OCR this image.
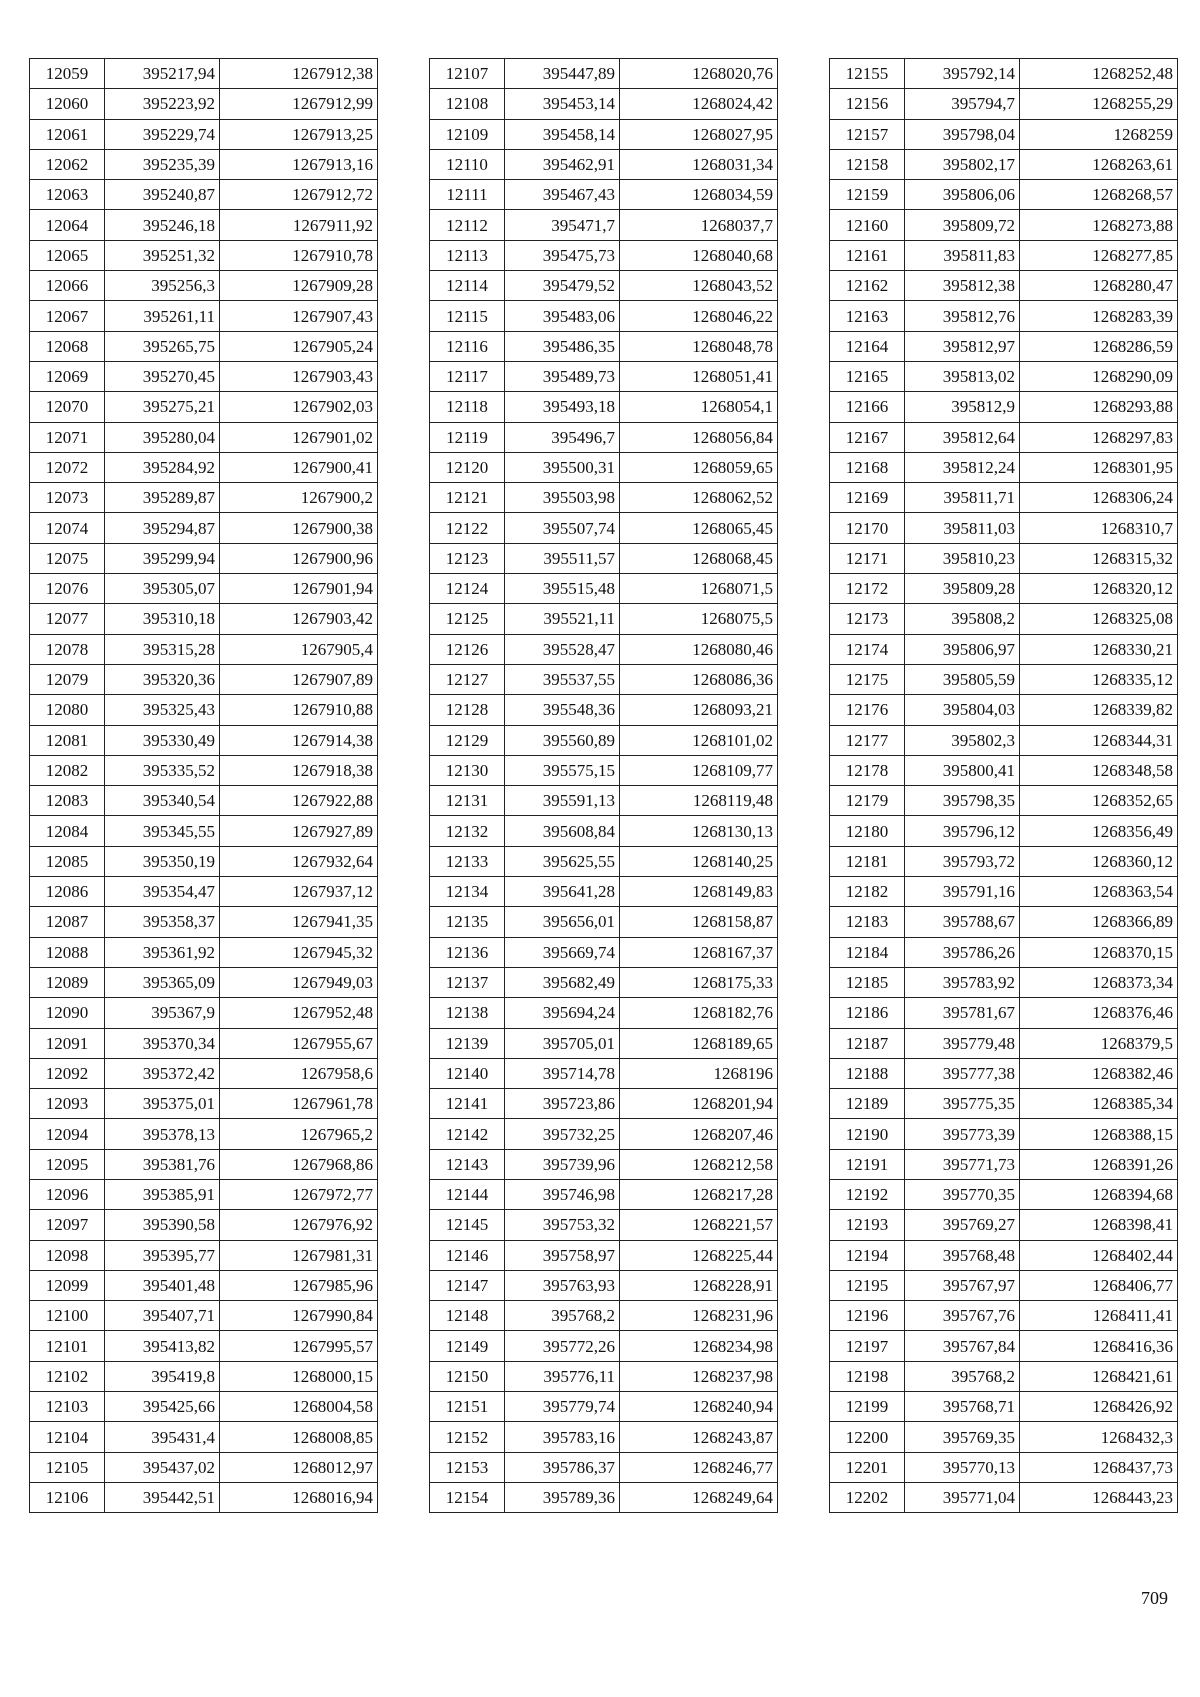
12059	395217,94	1267912,38
12060	395223,92	1267912,99
12061	395229,74	1267913,25
12062	395235,39	1267913,16
12063	395240,87	1267912,72
12064	395246,18	1267911,92
12065	395251,32	1267910,78
12066	395256,3	1267909,28
12067	395261,11	1267907,43
12068	395265,75	1267905,24
12069	395270,45	1267903,43
12070	395275,21	1267902,03
12071	395280,04	1267901,02
12072	395284,92	1267900,41
12073	395289,87	1267900,2
12074	395294,87	1267900,38
12075	395299,94	1267900,96
12076	395305,07	1267901,94
12077	395310,18	1267903,42
12078	395315,28	1267905,4
12079	395320,36	1267907,89
12080	395325,43	1267910,88
12081	395330,49	1267914,38
12082	395335,52	1267918,38
12083	395340,54	1267922,88
12084	395345,55	1267927,89
12085	395350,19	1267932,64
12086	395354,47	1267937,12
12087	395358,37	1267941,35
12088	395361,92	1267945,32
12089	395365,09	1267949,03
12090	395367,9	1267952,48
12091	395370,34	1267955,67
12092	395372,42	1267958,6
12093	395375,01	1267961,78
12094	395378,13	1267965,2
12095	395381,76	1267968,86
12096	395385,91	1267972,77
12097	395390,58	1267976,92
12098	395395,77	1267981,31
12099	395401,48	1267985,96
12100	395407,71	1267990,84
12101	395413,82	1267995,57
12102	395419,8	1268000,15
12103	395425,66	1268004,58
12104	395431,4	1268008,85
12105	395437,02	1268012,97
12106	395442,51	1268016,94
12107	395447,89	1268020,76
12108	395453,14	1268024,42
12109	395458,14	1268027,95
12110	395462,91	1268031,34
12111	395467,43	1268034,59
12112	395471,7	1268037,7
12113	395475,73	1268040,68
12114	395479,52	1268043,52
12115	395483,06	1268046,22
12116	395486,35	1268048,78
12117	395489,73	1268051,41
12118	395493,18	1268054,1
12119	395496,7	1268056,84
12120	395500,31	1268059,65
12121	395503,98	1268062,52
12122	395507,74	1268065,45
12123	395511,57	1268068,45
12124	395515,48	1268071,5
12125	395521,11	1268075,5
12126	395528,47	1268080,46
12127	395537,55	1268086,36
12128	395548,36	1268093,21
12129	395560,89	1268101,02
12130	395575,15	1268109,77
12131	395591,13	1268119,48
12132	395608,84	1268130,13
12133	395625,55	1268140,25
12134	395641,28	1268149,83
12135	395656,01	1268158,87
12136	395669,74	1268167,37
12137	395682,49	1268175,33
12138	395694,24	1268182,76
12139	395705,01	1268189,65
12140	395714,78	1268196
12141	395723,86	1268201,94
12142	395732,25	1268207,46
12143	395739,96	1268212,58
12144	395746,98	1268217,28
12145	395753,32	1268221,57
12146	395758,97	1268225,44
12147	395763,93	1268228,91
12148	395768,2	1268231,96
12149	395772,26	1268234,98
12150	395776,11	1268237,98
12151	395779,74	1268240,94
12152	395783,16	1268243,87
12153	395786,37	1268246,77
12154	395789,36	1268249,64
12155	395792,14	1268252,48
12156	395794,7	1268255,29
12157	395798,04	1268259
12158	395802,17	1268263,61
12159	395806,06	1268268,57
12160	395809,72	1268273,88
12161	395811,83	1268277,85
12162	395812,38	1268280,47
12163	395812,76	1268283,39
12164	395812,97	1268286,59
12165	395813,02	1268290,09
12166	395812,9	1268293,88
12167	395812,64	1268297,83
12168	395812,24	1268301,95
12169	395811,71	1268306,24
12170	395811,03	1268310,7
12171	395810,23	1268315,32
12172	395809,28	1268320,12
12173	395808,2	1268325,08
12174	395806,97	1268330,21
12175	395805,59	1268335,12
12176	395804,03	1268339,82
12177	395802,3	1268344,31
12178	395800,41	1268348,58
12179	395798,35	1268352,65
12180	395796,12	1268356,49
12181	395793,72	1268360,12
12182	395791,16	1268363,54
12183	395788,67	1268366,89
12184	395786,26	1268370,15
12185	395783,92	1268373,34
12186	395781,67	1268376,46
12187	395779,48	1268379,5
12188	395777,38	1268382,46
12189	395775,35	1268385,34
12190	395773,39	1268388,15
12191	395771,73	1268391,26
12192	395770,35	1268394,68
12193	395769,27	1268398,41
12194	395768,48	1268402,44
12195	395767,97	1268406,77
12196	395767,76	1268411,41
12197	395767,84	1268416,36
12198	395768,2	1268421,61
12199	395768,71	1268426,92
12200	395769,35	1268432,3
12201	395770,13	1268437,73
12202	395771,04	1268443,23
709
